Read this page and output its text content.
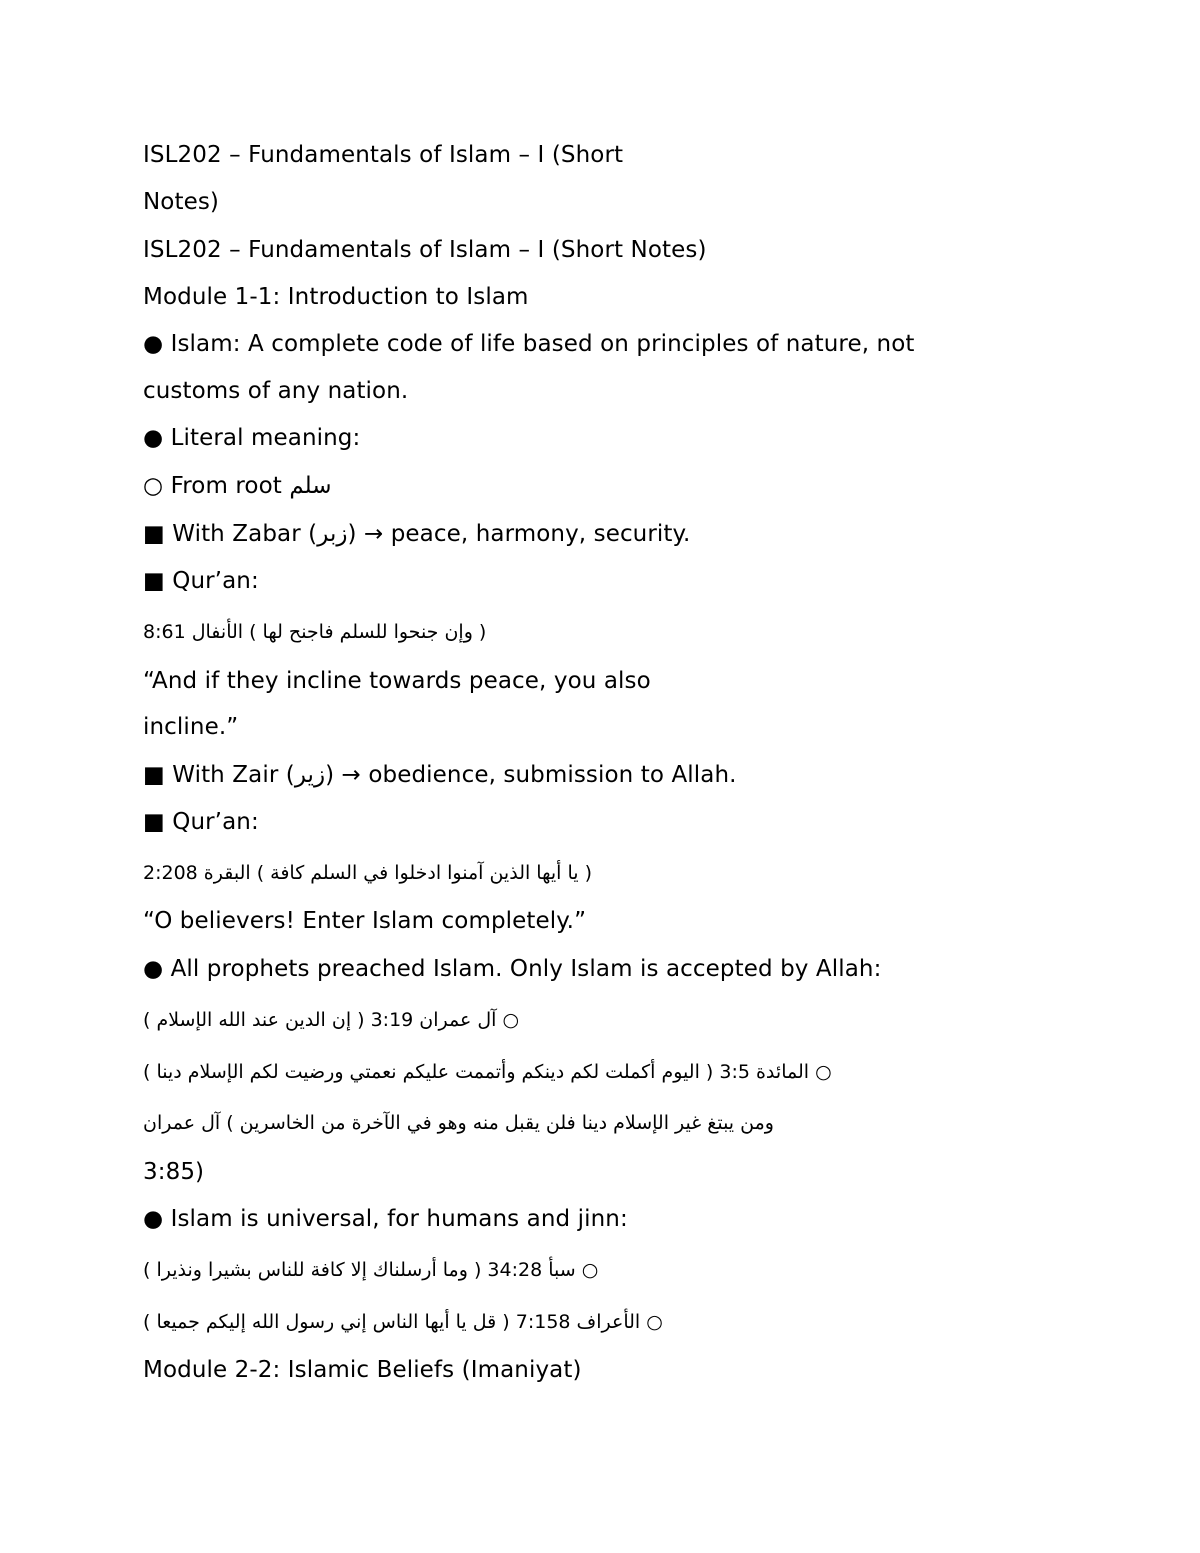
ISL202 – Fundamentals of Islam – I (Short
Notes)
ISL202 – Fundamentals of Islam – I (Short Notes)
Module 1-1: Introduction to Islam
● Islam: A complete code of life based on principles of nature, not
customs of any nation.
● Literal meaning:
○ From root سلم
■ With Zabar (زبر) → peace, harmony, security.
■ Qur’an:
( وإن جنحوا للسلم فاجنح لها ) الأنفال 8:61
“And if they incline towards peace, you also
incline.”
■ With Zair (زير) → obedience, submission to Allah.
■ Qur’an:
( يا أيها الذين آمنوا ادخلوا في السلم كافة ) البقرة 2:208
“O believers! Enter Islam completely.”
● All prophets preached Islam. Only Islam is accepted by Allah:
○ آل عمران 3:19 ( إن الدين عند الله الإسلام )
○ المائدة 3:5 ( اليوم أكملت لكم دينكم وأتممت عليكم نعمتي ورضيت لكم الإسلام دينا )
ومن يبتغ غير الإسلام دينا فلن يقبل منه وهو في الآخرة من الخاسرين ) آل عمران
3:85)
● Islam is universal, for humans and jinn:
○ سبأ 34:28 ( وما أرسلناك إلا كافة للناس بشيرا ونذيرا )
○ الأعراف 7:158 ( قل يا أيها الناس إني رسول الله إليكم جميعا )
Module 2-2: Islamic Beliefs (Imaniyat)
